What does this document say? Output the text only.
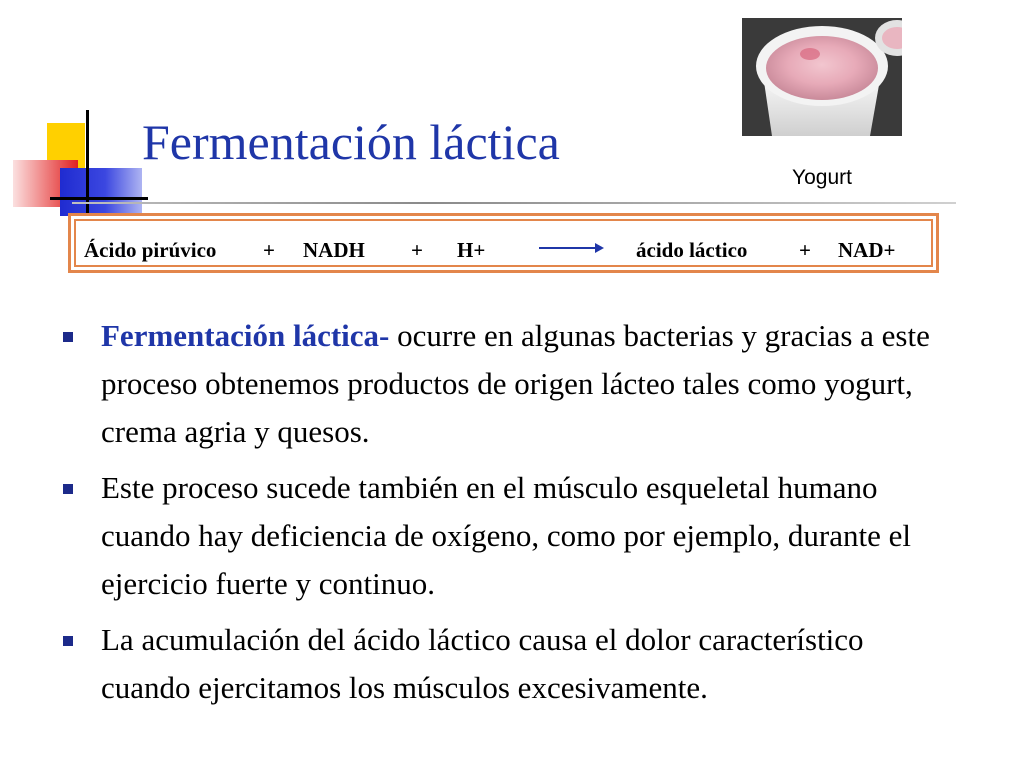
Fermentación láctica
Yogurt
Ácido pirúvico + NADH + H+	ácido láctico + NAD+
Fermentación láctica- ocurre en algunas bacterias y gracias a este proceso obtenemos productos de origen lácteo tales como yogurt, crema agria y quesos.
Este proceso sucede también en el músculo esqueletal humano cuando hay deficiencia de oxígeno, como por ejemplo, durante el ejercicio fuerte y continuo.
La acumulación del ácido láctico causa el dolor característico cuando ejercitamos los músculos excesivamente.
